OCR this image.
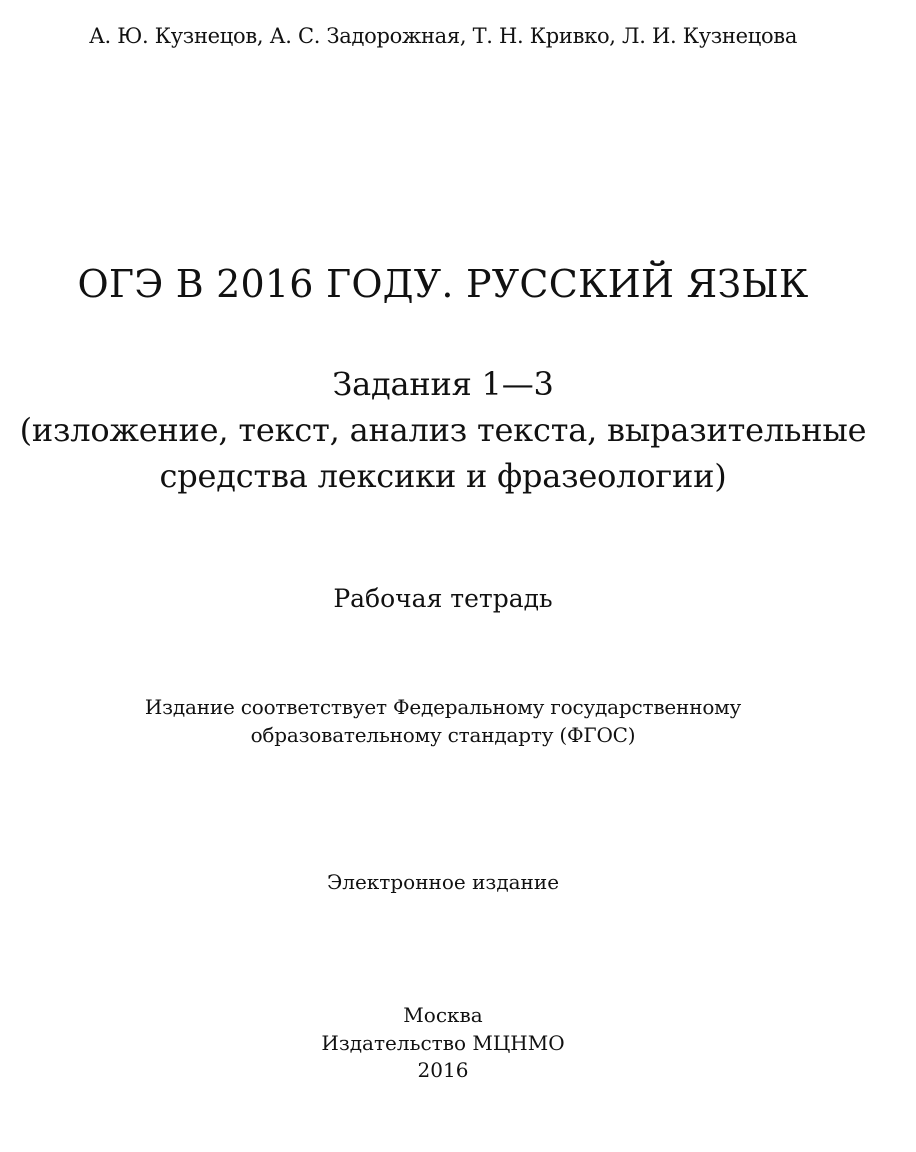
А. Ю. Кузнецов, А. С. Задорожная, Т. Н. Кривко, Л. И. Кузнецова
ОГЭ В 2016 ГОДУ. РУССКИЙ ЯЗЫК
Задания 1—3
(изложение, текст, анализ текста, выразительные
средства лексики и фразеологии)
Рабочая тетрадь
Издание соответствует Федеральному государственному
образовательному стандарту (ФГОС)
Электронное издание
Москва
Издательство МЦНМО
2016
